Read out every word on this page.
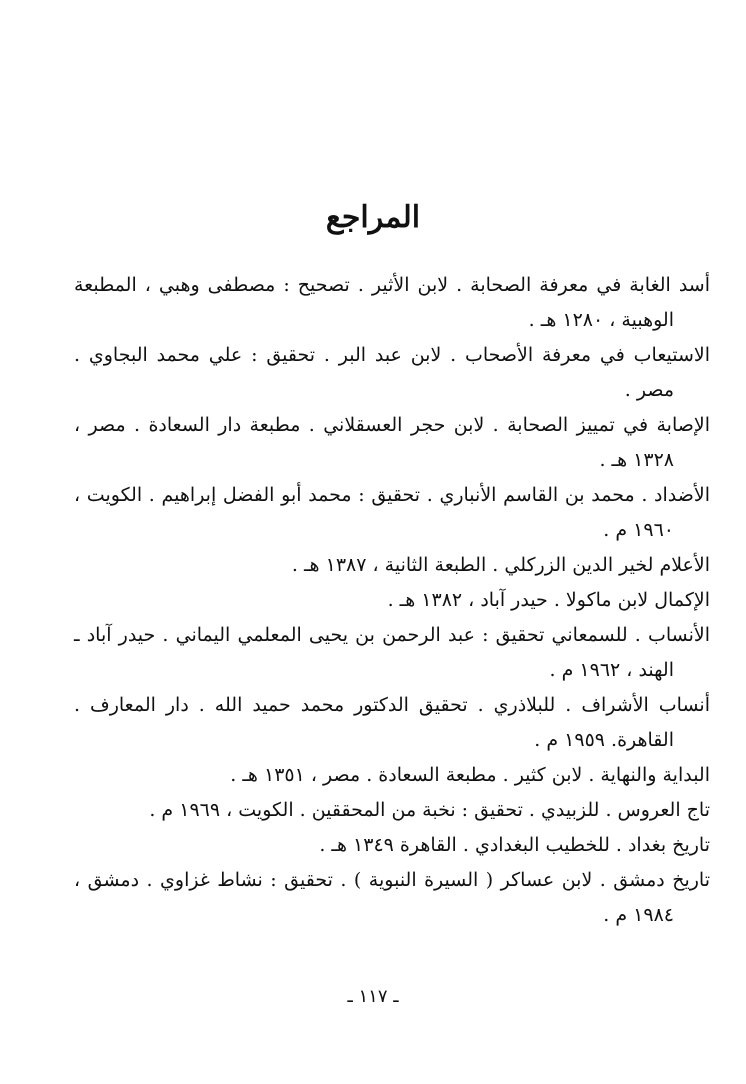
المراجع
أسد الغابة في معرفة الصحابة . لابن الأثير . تصحيح : مصطفى وهبي ، المطبعة الوهبية ، ١٢٨٠ هـ .
الاستيعاب في معرفة الأصحاب . لابن عبد البر . تحقيق : علي محمد البجاوي . مصر .
الإصابة في تمييز الصحابة . لابن حجر العسقلاني . مطبعة دار السعادة . مصر ، ١٣٢٨ هـ .
الأضداد . محمد بن القاسم الأنباري . تحقيق : محمد أبو الفضل إبراهيم . الكويت ، ١٩٦٠ م .
الأعلام لخير الدين الزركلي . الطبعة الثانية ، ١٣٨٧ هـ .
الإكمال لابن ماكولا . حيدر آباد ، ١٣٨٢ هـ .
الأنساب . للسمعاني تحقيق : عبد الرحمن بن يحيى المعلمي اليماني . حيدر آباد ـ الهند ، ١٩٦٢ م .
أنساب الأشراف . للبلاذري . تحقيق الدكتور محمد حميد الله . دار المعارف . القاهرة. ١٩٥٩ م .
البداية والنهاية . لابن كثير . مطبعة السعادة . مصر ، ١٣٥١ هـ .
تاج العروس . للزبيدي . تحقيق : نخبة من المحققين . الكويت ، ١٩٦٩ م .
تاريخ بغداد . للخطيب البغدادي . القاهرة ١٣٤٩ هـ .
تاريخ دمشق . لابن عساكر ( السيرة النبوية ) . تحقيق : نشاط غزاوي . دمشق ، ١٩٨٤ م .
ـ ١١٧ ـ
